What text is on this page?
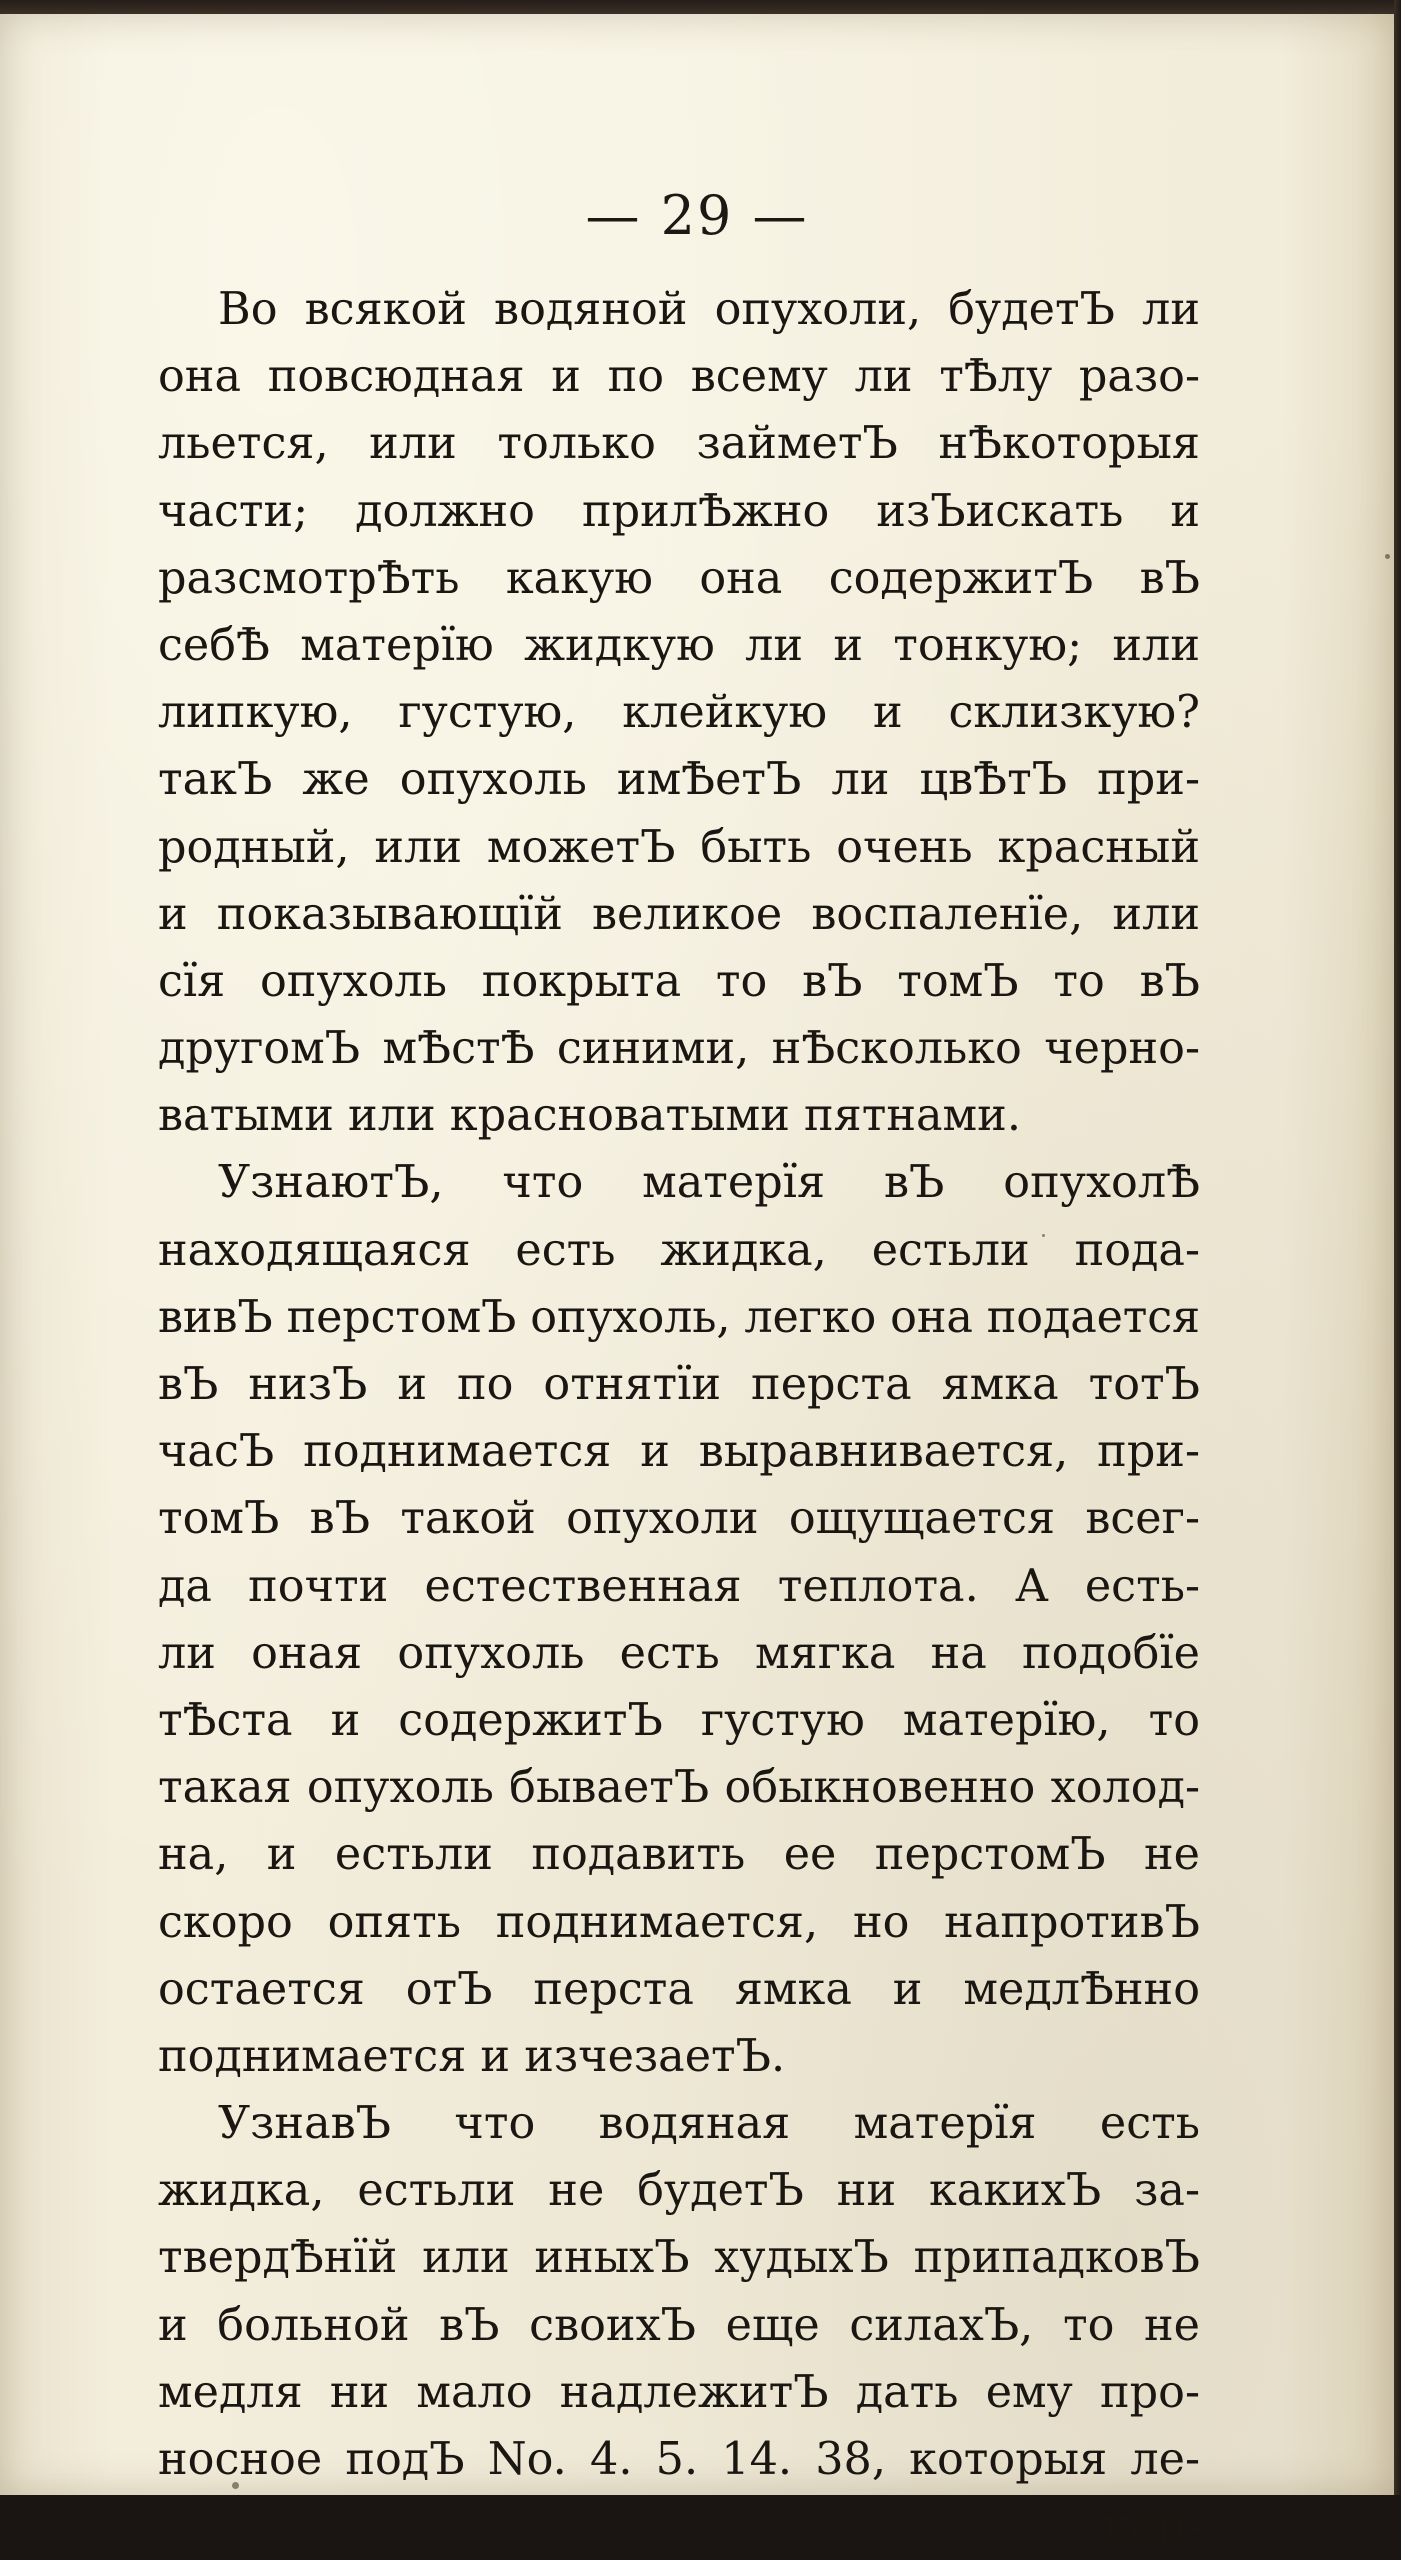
— 29 —
Во всякой водяной опухоли, будетЪ ли
она повсюдная и по всему ли тѢлу разо-
льется, или только займетЪ нѢкоторыя
части; должно прилѢжно изЪискать и
разсмотрѢть какую она содержитЪ вЪ
себѢ матерїю жидкую ли и тонкую; или
липкую, густую, клейкую и склизкую?
такЪ же опухоль имѢетЪ ли цвѢтЪ при-
родный, или можетЪ быть очень красный
и показывающїй великое воспаленїе, или
сїя опухоль покрыта то вЪ томЪ то вЪ
другомЪ мѢстѢ синими, нѢсколько черно-
ватыми или красноватыми пятнами.
УзнаютЪ, что матерїя вЪ опухолѢ
находящаяся есть жидка, естьли пода-
вивЪ перстомЪ опухоль, легко она подается
вЪ низЪ и по отнятїи перста ямка тотЪ
часЪ поднимается и выравнивается, при-
томЪ вЪ такой опухоли ощущается всег-
да почти естественная теплота. А есть-
ли оная опухоль есть мягка на подобїе
тѢста и содержитЪ густую матерїю, то
такая опухоль бываетЪ обыкновенно холод-
на, и естьли подавить ее перстомЪ не
скоро опять поднимается, но напротивЪ
остается отЪ перста ямка и медлѢнно
поднимается и изчезаетЪ.
УзнавЪ что водяная матерїя есть
жидка, естьли не будетЪ ни какихЪ за-
твердѢнїй или иныхЪ худыхЪ припадковЪ
и больной вЪ своихЪ еще силахЪ, то не
медля ни мало надлежитЪ дать ему про-
носное подЪ No. 4. 5. 14. 38, которыя ле-
кар-
